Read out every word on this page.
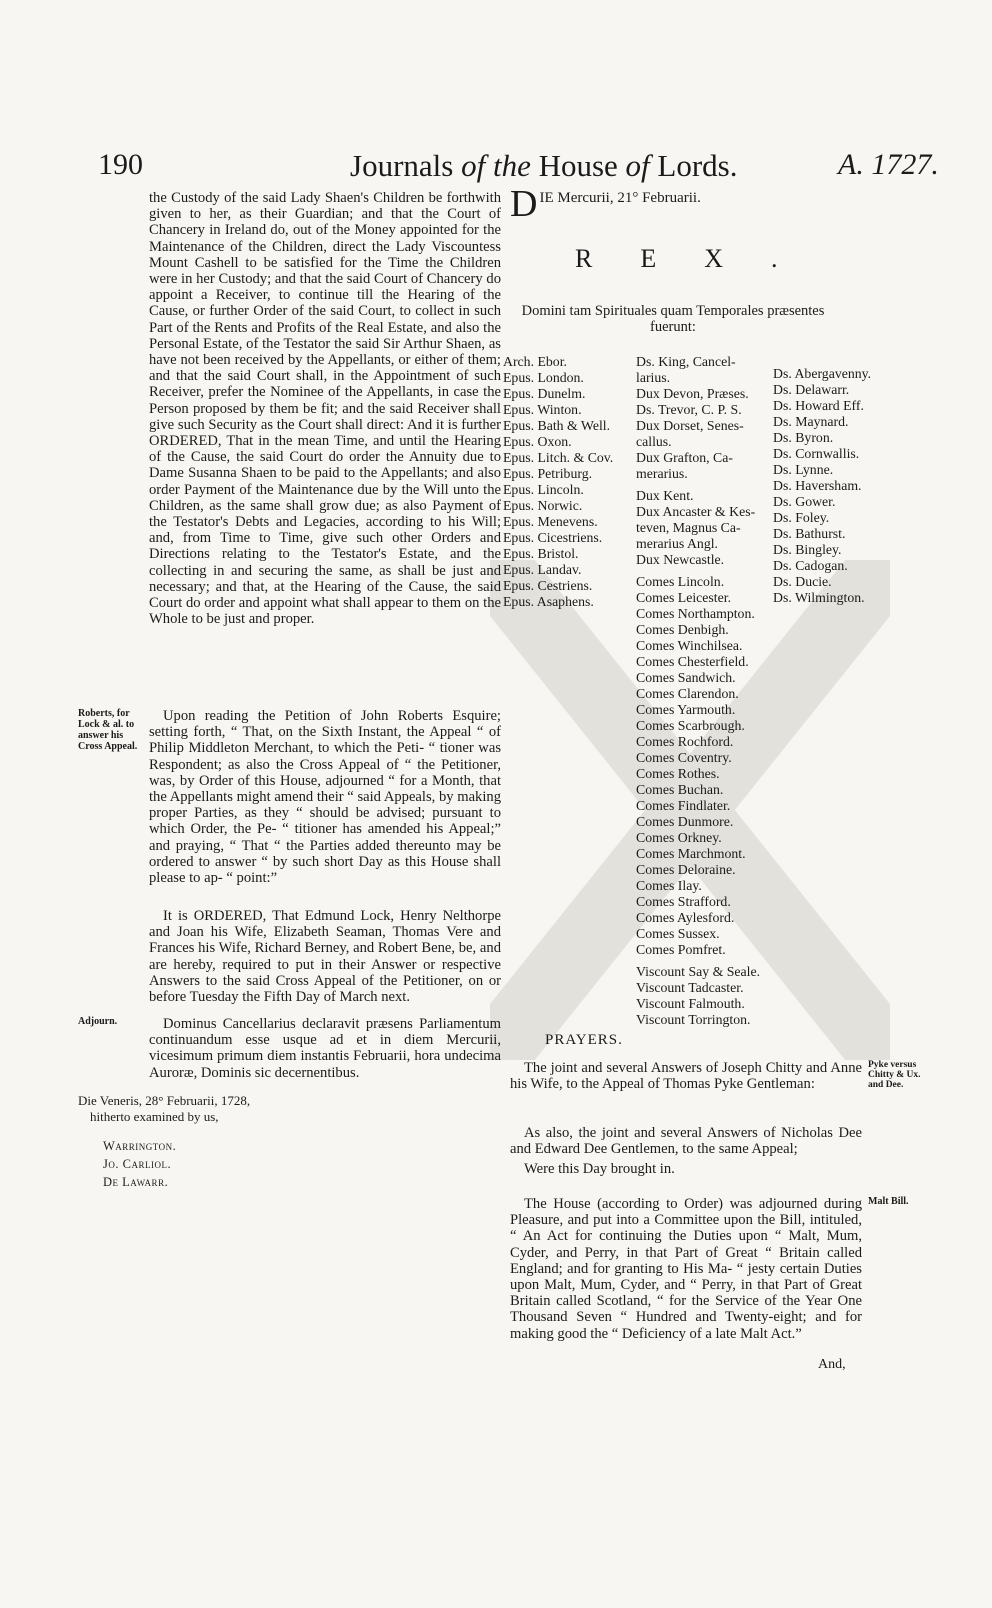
190	Journals of the House of Lords.	A. 1727.

the Custody of the said Lady Shaen's Children be forthwith given to her, as their Guardian; and that the Court of Chancery in Ireland do, out of the Money appointed for the Maintenance of the Children, direct the Lady Viscountess Mount Cashell to be satisfied for the Time the Children were in her Custody; and that the said Court of Chancery do appoint a Receiver, to continue till the Hearing of the Cause, or further Order of the said Court, to collect in such Part of the Rents and Profits of the Real Estate, and also the Personal Estate, of the Testator the said Sir Arthur Shaen, as have not been received by the Appellants, or either of them; and that the said Court shall, in the Appointment of such Receiver, prefer the Nominee of the Appellants, in case the Person proposed by them be fit; and the said Receiver shall give such Security as the Court shall direct: And it is further ORDERED, That in the mean Time, and until the Hearing of the Cause, the said Court do order the Annuity due to Dame Susanna Shaen to be paid to the Appellants; and also order Payment of the Maintenance due by the Will unto the Children, as the same shall grow due; as also Payment of the Testator's Debts and Legacies, according to his Will; and, from Time to Time, give such other Orders and Directions relating to the Testator's Estate, and the collecting in and securing the same, as shall be just and necessary; and that, at the Hearing of the Cause, the said Court do order and appoint what shall appear to them on the Whole to be just and proper.

Roberts, for Lock & al. to answer his Cross Appeal.

Upon reading the Petition of John Roberts Esquire; setting forth, “ That, on the Sixth Instant, the Appeal “ of Philip Middleton Merchant, to which the Peti- “ tioner was Respondent; as also the Cross Appeal of “ the Petitioner, was, by Order of this House, adjourned “ for a Month, that the Appellants might amend their “ said Appeals, by making proper Parties, as they “ should be advised; pursuant to which Order, the Pe- “ titioner has amended his Appeal;” and praying, “ That “ the Parties added thereunto may be ordered to answer “ by such short Day as this House shall please to ap- “ point:”

It is ORDERED, That Edmund Lock, Henry Nelthorpe and Joan his Wife, Elizabeth Seaman, Thomas Vere and Frances his Wife, Richard Berney, and Robert Bene, be, and are hereby, required to put in their Answer or respective Answers to the said Cross Appeal of the Petitioner, on or before Tuesday the Fifth Day of March next.

Adjourn.	Dominus Cancellarius declaravit præsens Parliamentum continuandum esse usque ad et in diem Mercurii, vicesimum primum diem instantis Februarii, hora undecima Auroræ, Dominis sic decernentibus.

Die Veneris, 28° Februarii, 1728,
hitherto examined by us,
Warrington.
Jo. Carliol.
De Lawarr.
D IE Mercurii, 21° Februarii.
REX.
Domini tam Spirituales quam Temporales præsentes fuerunt:
Arch. Ebor.
Epus. London.
Epus. Dunelm.
Epus. Winton.
Epus. Bath & Well.
Epus. Oxon.
Epus. Litch. & Cov.
Epus. Petriburg.
Epus. Lincoln.
Epus. Norwic.
Epus. Menevens.
Epus. Cicestriens.
Epus. Bristol.
Epus. Landav.
Epus. Cestriens.
Epus. Asaphens.
Ds. King, Cancel-
larius.
Dux Devon, Præses.
Ds. Trevor, C. P. S.
Dux Dorset, Senes-
callus.
Dux Grafton, Ca-
merarius.

Dux Kent.
Dux Ancaster & Kes-
teven, Magnus Ca-
merarius Angl.
Dux Newcastle.

Comes Lincoln.
Comes Leicester.
Comes Northampton.
Comes Denbigh.
Comes Winchilsea.
Comes Chesterfield.
Comes Sandwich.
Comes Clarendon.
Comes Yarmouth.
Comes Scarbrough.
Comes Rochford.
Comes Coventry.
Comes Rothes.
Comes Buchan.
Comes Findlater.
Comes Dunmore.
Comes Orkney.
Comes Marchmont.
Comes Deloraine.
Comes Ilay.
Comes Strafford.
Comes Aylesford.
Comes Sussex.
Comes Pomfret.

Viscount Say & Seale.
Viscount Tadcaster.
Viscount Falmouth.
Viscount Torrington.

Ds. Abergavenny.
Ds. Delawarr.
Ds. Howard Eff.
Ds. Maynard.
Ds. Byron.
Ds. Cornwallis.
Ds. Lynne.
Ds. Haversham.
Ds. Gower.
Ds. Foley.
Ds. Bathurst.
Ds. Bingley.
Ds. Cadogan.
Ds. Ducie.
Ds. Wilmington.
PRAYERS.
Pyke versus Chitty & Ux. and Dee.

The joint and several Answers of Joseph Chitty and Anne his Wife, to the Appeal of Thomas Pyke Gentleman:

As also, the joint and several Answers of Nicholas Dee and Edward Dee Gentlemen, to the same Appeal;

Were this Day brought in.

Malt Bill.

The House (according to Order) was adjourned during Pleasure, and put into a Committee upon the Bill, intituled, “ An Act for continuing the Duties upon “ Malt, Mum, Cyder, and Perry, in that Part of Great “ Britain called England; and for granting to His Ma- “ jesty certain Duties upon Malt, Mum, Cyder, and “ Perry, in that Part of Great Britain called Scotland, “ for the Service of the Year One Thousand Seven “ Hundred and Twenty-eight; and for making good the “ Deficiency of a late Malt Act.”

And,
